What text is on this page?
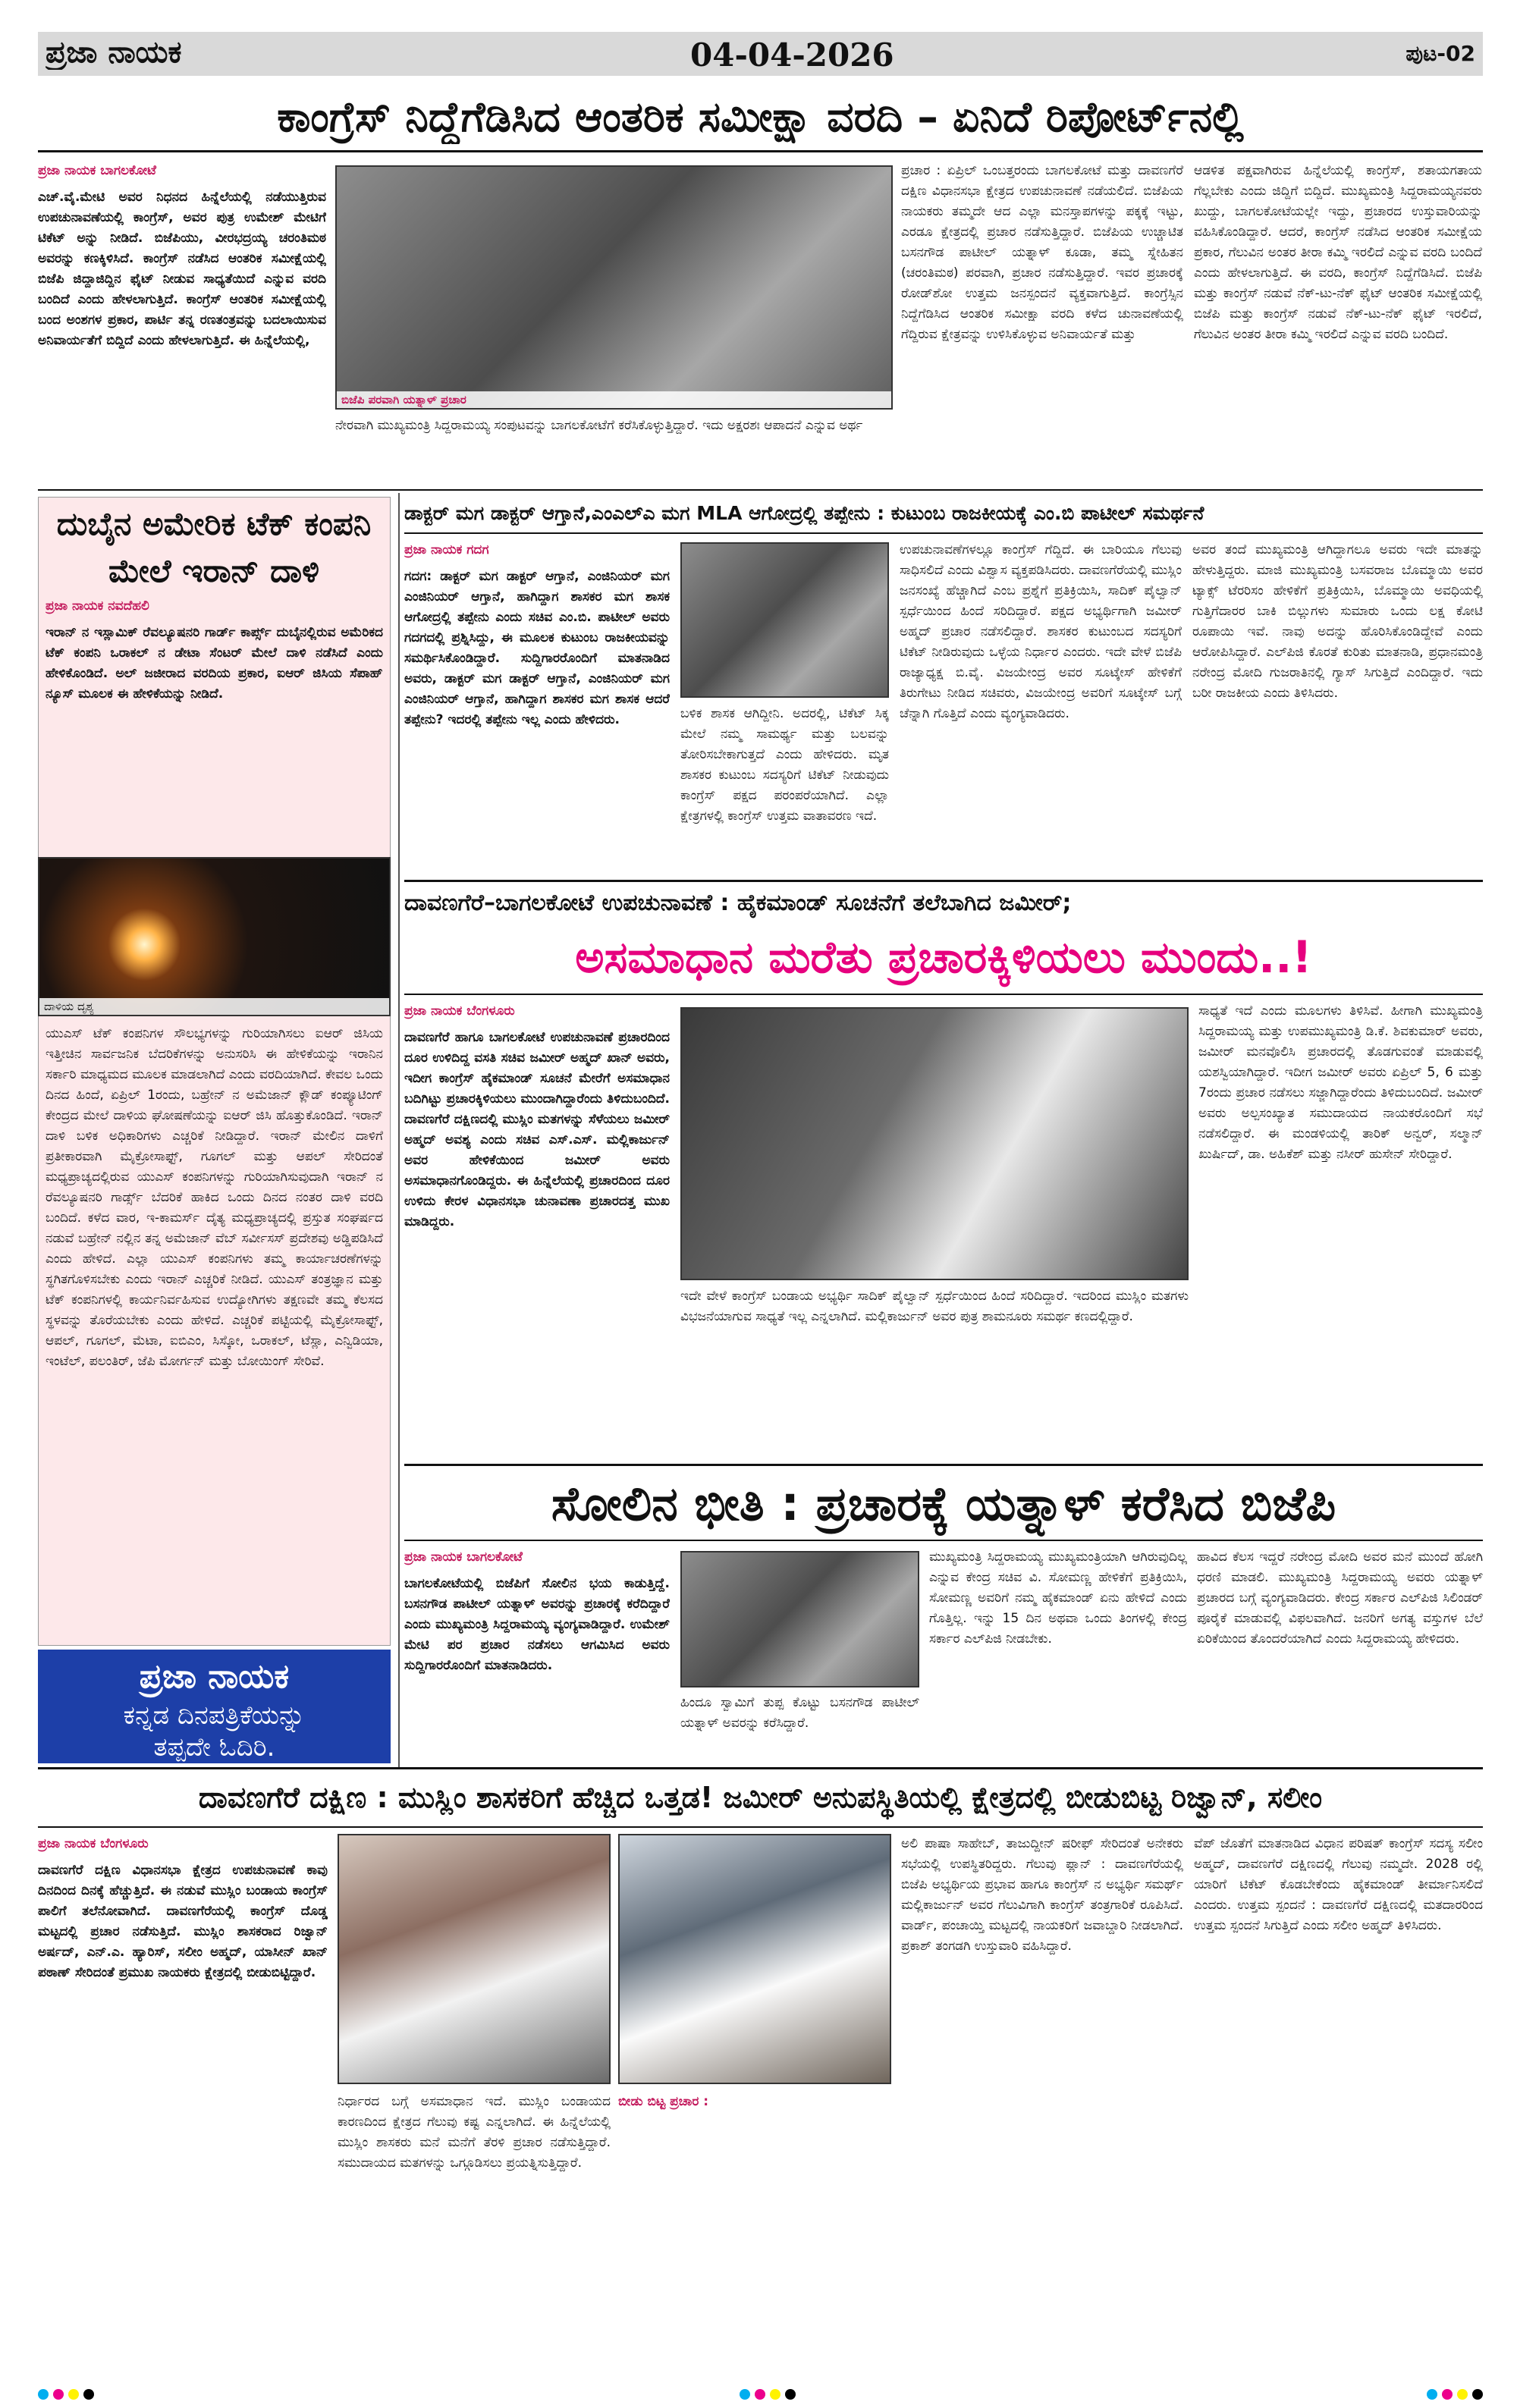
ಪ್ರಜಾ ನಾಯಕ	04-04-2026	ಪುಟ-02
ಕಾಂಗ್ರೆಸ್ ನಿದ್ದೆಗೆಡಿಸಿದ ಆಂತರಿಕ ಸಮೀಕ್ಷಾ ವರದಿ – ಏನಿದೆ ರಿಪೋರ್ಟ್‌ನಲ್ಲಿ
ಪ್ರಜಾ ನಾಯಕ ಬಾಗಲಕೋಟೆ
ಎಚ್.ವೈ.ಮೇಟಿ ಅವರ ನಿಧನದ ಹಿನ್ನೆಲೆಯಲ್ಲಿ ನಡೆಯುತ್ತಿರುವ ಉಪಚುನಾವಣೆಯಲ್ಲಿ ಕಾಂಗ್ರೆಸ್, ಅವರ ಪುತ್ರ ಉಮೇಶ್ ಮೇಟಿಗೆ ಟಿಕೆಟ್ ಅನ್ನು ನೀಡಿದೆ. ಬಿಜೆಪಿಯು, ವೀರಭದ್ರಯ್ಯ ಚರಂತಿಮಠ ಅವರನ್ನು ಕಣಕ್ಕಿಳಿಸಿದೆ. ಕಾಂಗ್ರೆಸ್ ನಡೆಸಿದ ಆಂತರಿಕ ಸಮೀಕ್ಷೆಯಲ್ಲಿ ಬಿಜೆಪಿ ಜಿದ್ದಾಜಿದ್ದಿನ ಫೈಟ್ ನೀಡುವ ಸಾಧ್ಯತೆಯಿದೆ ಎನ್ನುವ ವರದಿ ಬಂದಿದೆ ಎಂದು ಹೇಳಲಾಗುತ್ತಿದೆ. ಕಾಂಗ್ರೆಸ್ ಆಂತರಿಕ ಸಮೀಕ್ಷೆಯಲ್ಲಿ ಬಂದ ಅಂಶಗಳ ಪ್ರಕಾರ, ಪಾರ್ಟಿ ತನ್ನ ರಣತಂತ್ರವನ್ನು ಬದಲಾಯಿಸುವ ಅನಿವಾರ್ಯತೆಗೆ ಬಿದ್ದಿದೆ ಎಂದು ಹೇಳಲಾಗುತ್ತಿದೆ. ಈ ಹಿನ್ನೆಲೆಯಲ್ಲಿ,
ಬಿಜೆಪಿ ಪರವಾಗಿ ಯತ್ನಾಳ್ ಪ್ರಚಾರ
ನೇರವಾಗಿ ಮುಖ್ಯಮಂತ್ರಿ ಸಿದ್ದರಾಮಯ್ಯ ಸಂಪುಟವನ್ನು ಬಾಗಲಕೋಟೆಗೆ ಕರೆಸಿಕೊಳ್ಳುತ್ತಿದ್ದಾರೆ. ಇದು ಅಕ್ಷರಶಃ ಆಪಾದನೆ ಎನ್ನುವ ಅರ್ಥ
ಪ್ರಚಾರ : ಏಪ್ರಿಲ್ ಒಂಬತ್ತರಂದು ಬಾಗಲಕೋಟೆ ಮತ್ತು ದಾವಣಗೆರೆ ದಕ್ಷಿಣ ವಿಧಾನಸಭಾ ಕ್ಷೇತ್ರದ ಉಪಚುನಾವಣೆ ನಡೆಯಲಿದೆ. ಬಿಜೆಪಿಯ ನಾಯಕರು ತಮ್ಮದೇ ಆದ ಎಲ್ಲಾ ಮನಸ್ತಾಪಗಳನ್ನು ಪಕ್ಕಕ್ಕೆ ಇಟ್ಟು, ಎರಡೂ ಕ್ಷೇತ್ರದಲ್ಲಿ ಪ್ರಚಾರ ನಡೆಸುತ್ತಿದ್ದಾರೆ. ಬಿಜೆಪಿಯ ಉಚ್ಚಾಟಿತ ಬಸನಗೌಡ ಪಾಟೀಲ್ ಯತ್ನಾಳ್ ಕೂಡಾ, ತಮ್ಮ ಸ್ನೇಹಿತನ (ಚರಂತಿಮಠ) ಪರವಾಗಿ, ಪ್ರಚಾರ ನಡೆಸುತ್ತಿದ್ದಾರೆ. ಇವರ ಪ್ರಚಾರಕ್ಕೆ ರೋಡ್‌ಶೋ ಉತ್ತಮ ಜನಸ್ಪಂದನೆ ವ್ಯಕ್ತವಾಗುತ್ತಿದೆ. ಕಾಂಗ್ರೆಸ್ಸಿನ ನಿದ್ದೆಗೆಡಿಸಿದ ಆಂತರಿಕ ಸಮೀಕ್ಷಾ ವರದಿ ಕಳೆದ ಚುನಾವಣೆಯಲ್ಲಿ ಗೆದ್ದಿರುವ ಕ್ಷೇತ್ರವನ್ನು ಉಳಿಸಿಕೊಳ್ಳುವ ಅನಿವಾರ್ಯತೆ ಮತ್ತು
ಆಡಳಿತ ಪಕ್ಷವಾಗಿರುವ ಹಿನ್ನೆಲೆಯಲ್ಲಿ ಕಾಂಗ್ರೆಸ್, ಶತಾಯಗತಾಯ ಗೆಲ್ಲಬೇಕು ಎಂದು ಜಿದ್ದಿಗೆ ಬಿದ್ದಿದೆ. ಮುಖ್ಯಮಂತ್ರಿ ಸಿದ್ದರಾಮಯ್ಯನವರು ಖುದ್ದು, ಬಾಗಲಕೋಟೆಯಲ್ಲೇ ಇದ್ದು, ಪ್ರಚಾರದ ಉಸ್ತುವಾರಿಯನ್ನು ವಹಿಸಿಕೊಂಡಿದ್ದಾರೆ. ಆದರೆ, ಕಾಂಗ್ರೆಸ್ ನಡೆಸಿದ ಆಂತರಿಕ ಸಮೀಕ್ಷೆಯ ಪ್ರಕಾರ, ಗೆಲುವಿನ ಅಂತರ ತೀರಾ ಕಮ್ಮಿ ಇರಲಿದೆ ಎನ್ನುವ ವರದಿ ಬಂದಿದೆ ಎಂದು ಹೇಳಲಾಗುತ್ತಿದೆ. ಈ ವರದಿ, ಕಾಂಗ್ರೆಸ್ ನಿದ್ದೆಗೆಡಿಸಿದೆ. ಬಿಜೆಪಿ ಮತ್ತು ಕಾಂಗ್ರೆಸ್ ನಡುವೆ ನೆಕ್-ಟು-ನೆಕ್ ಫೈಟ್ ಆಂತರಿಕ ಸಮೀಕ್ಷೆಯಲ್ಲಿ ಬಿಜೆಪಿ ಮತ್ತು ಕಾಂಗ್ರೆಸ್ ನಡುವೆ ನೆಕ್-ಟು-ನೆಕ್ ಫೈಟ್ ಇರಲಿದೆ, ಗೆಲುವಿನ ಅಂತರ ತೀರಾ ಕಮ್ಮಿ ಇರಲಿದೆ ಎನ್ನುವ ವರದಿ ಬಂದಿದೆ.
ದುಬೈನ ಅಮೇರಿಕ ಟೆಕ್ ಕಂಪನಿ ಮೇಲೆ ಇರಾನ್ ದಾಳಿ
ಪ್ರಜಾ ನಾಯಕ ನವದೆಹಲಿ
ಇರಾನ್ ನ ಇಸ್ಲಾಮಿಕ್ ರೆವಲ್ಯೂಷನರಿ ಗಾರ್ಡ್ ಕಾರ್ಪ್ಸ್ ದುಬೈನಲ್ಲಿರುವ ಅಮೆರಿಕದ ಟೆಕ್ ಕಂಪನಿ ಒರಾಕಲ್ ನ ಡೇಟಾ ಸೆಂಟರ್ ಮೇಲೆ ದಾಳಿ ನಡೆಸಿದೆ ಎಂದು ಹೇಳಿಕೊಂಡಿದೆ. ಅಲ್ ಜಜೀರಾದ ವರದಿಯ ಪ್ರಕಾರ, ಐಆರ್ ಜಿಸಿಯ ಸೆಪಾಹ್ ನ್ಯೂಸ್ ಮೂಲಕ ಈ ಹೇಳಿಕೆಯನ್ನು ನೀಡಿದೆ.
ದಾಳಿಯ ದೃಶ್ಯ
ಯುಎಸ್ ಟೆಕ್ ಕಂಪನಿಗಳ ಸೌಲಭ್ಯಗಳನ್ನು ಗುರಿಯಾಗಿಸಲು ಐಆರ್ ಜಿಸಿಯ ಇತ್ತೀಚಿನ ಸಾರ್ವಜನಿಕ ಬೆದರಿಕೆಗಳನ್ನು ಅನುಸರಿಸಿ ಈ ಹೇಳಿಕೆಯನ್ನು ಇರಾನಿನ ಸರ್ಕಾರಿ ಮಾಧ್ಯಮದ ಮೂಲಕ ಮಾಡಲಾಗಿದೆ ಎಂದು ವರದಿಯಾಗಿದೆ. ಕೇವಲ ಒಂದು ದಿನದ ಹಿಂದೆ, ಏಪ್ರಿಲ್ 1ರಂದು, ಬಹ್ರೇನ್ ನ ಅಮೆಜಾನ್ ಕ್ಲೌಡ್ ಕಂಪ್ಯೂಟಿಂಗ್ ಕೇಂದ್ರದ ಮೇಲೆ ದಾಳಿಯ ಘೋಷಣೆಯನ್ನು ಐಆರ್ ಜಿಸಿ ಹೊತ್ತುಕೊಂಡಿದೆ. ಇರಾನ್ ದಾಳಿ ಬಳಿಕ ಅಧಿಕಾರಿಗಳು ಎಚ್ಚರಿಕೆ ನೀಡಿದ್ದಾರೆ. ಇರಾನ್ ಮೇಲಿನ ದಾಳಿಗೆ ಪ್ರತೀಕಾರವಾಗಿ ಮೈಕ್ರೋಸಾಫ್ಟ್, ಗೂಗಲ್ ಮತ್ತು ಆಪಲ್ ಸೇರಿದಂತೆ ಮಧ್ಯಪ್ರಾಚ್ಯದಲ್ಲಿರುವ ಯುಎಸ್ ಕಂಪನಿಗಳನ್ನು ಗುರಿಯಾಗಿಸುವುದಾಗಿ ಇರಾನ್ ನ ರೆವಲ್ಯೂಷನರಿ ಗಾರ್ಡ್ಸ್ ಬೆದರಿಕೆ ಹಾಕಿದ ಒಂದು ದಿನದ ನಂತರ ದಾಳಿ ವರದಿ ಬಂದಿದೆ. ಕಳೆದ ವಾರ, ಇ-ಕಾಮರ್ಸ್ ದೈತ್ಯ ಮಧ್ಯಪ್ರಾಚ್ಯದಲ್ಲಿ ಪ್ರಸ್ತುತ ಸಂಘರ್ಷದ ನಡುವೆ ಬಹ್ರೇನ್ ನಲ್ಲಿನ ತನ್ನ ಅಮೆಜಾನ್ ವೆಬ್ ಸರ್ವೀಸಸ್ ಪ್ರದೇಶವು ಅಡ್ಡಿಪಡಿಸಿದೆ ಎಂದು ಹೇಳಿದೆ. ಎಲ್ಲಾ ಯುಎಸ್ ಕಂಪನಿಗಳು ತಮ್ಮ ಕಾರ್ಯಾಚರಣೆಗಳನ್ನು ಸ್ಥಗಿತಗೊಳಿಸಬೇಕು ಎಂದು ಇರಾನ್ ಎಚ್ಚರಿಕೆ ನೀಡಿದೆ. ಯುಎಸ್ ತಂತ್ರಜ್ಞಾನ ಮತ್ತು ಟೆಕ್ ಕಂಪನಿಗಳಲ್ಲಿ ಕಾರ್ಯನಿರ್ವಹಿಸುವ ಉದ್ಯೋಗಿಗಳು ತಕ್ಷಣವೇ ತಮ್ಮ ಕೆಲಸದ ಸ್ಥಳವನ್ನು ತೊರೆಯಬೇಕು ಎಂದು ಹೇಳಿದೆ. ಎಚ್ಚರಿಕೆ ಪಟ್ಟಿಯಲ್ಲಿ ಮೈಕ್ರೋಸಾಫ್ಟ್, ಆಪಲ್, ಗೂಗಲ್, ಮೆಟಾ, ಐಬಿಎಂ, ಸಿಸ್ಕೋ, ಒರಾಕಲ್, ಟೆಸ್ಲಾ, ಎನ್ವಿಡಿಯಾ, ಇಂಟೆಲ್, ಪಲಂತಿರ್, ಜೆಪಿ ಮೋರ್ಗನ್ ಮತ್ತು ಬೋಯಿಂಗ್ ಸೇರಿವೆ.
ಪ್ರಜಾ ನಾಯಕ
ಕನ್ನಡ ದಿನಪತ್ರಿಕೆಯನ್ನು
ತಪ್ಪದೇ ಓದಿರಿ.
ಡಾಕ್ಟರ್ ಮಗ ಡಾಕ್ಟರ್ ಆಗ್ತಾನೆ,ಎಂಎಲ್ಎ ಮಗ MLA ಆಗೋದ್ರಲ್ಲಿ ತಪ್ಪೇನು : ಕುಟುಂಬ ರಾಜಕೀಯಕ್ಕೆ ಎಂ.ಬಿ ಪಾಟೀಲ್ ಸಮರ್ಥನೆ
ಪ್ರಜಾ ನಾಯಕ ಗದಗ
ಗದಗ: ಡಾಕ್ಟರ್ ಮಗ ಡಾಕ್ಟರ್ ಆಗ್ತಾನೆ, ಎಂಜಿನಿಯರ್ ಮಗ ಎಂಜಿನಿಯರ್ ಆಗ್ತಾನೆ, ಹಾಗಿದ್ದಾಗ ಶಾಸಕರ ಮಗ ಶಾಸಕ ಆಗೋದ್ರಲ್ಲಿ ತಪ್ಪೇನು ಎಂದು ಸಚಿವ ಎಂ.ಬಿ. ಪಾಟೀಲ್ ಅವರು ಗದಗದಲ್ಲಿ ಪ್ರಶ್ನಿಸಿದ್ದು, ಈ ಮೂಲಕ ಕುಟುಂಬ ರಾಜಕೀಯವನ್ನು ಸಮರ್ಥಿಸಿಕೊಂಡಿದ್ದಾರೆ. ಸುದ್ದಿಗಾರರೊಂದಿಗೆ ಮಾತನಾಡಿದ ಅವರು, ಡಾಕ್ಟರ್ ಮಗ ಡಾಕ್ಟರ್ ಆಗ್ತಾನೆ, ಎಂಜಿನಿಯರ್ ಮಗ ಎಂಜಿನಿಯರ್ ಆಗ್ತಾನೆ, ಹಾಗಿದ್ದಾಗ ಶಾಸಕರ ಮಗ ಶಾಸಕ ಆದರೆ ತಪ್ಪೇನು? ಇದರಲ್ಲಿ ತಪ್ಪೇನು ಇಲ್ಲ ಎಂದು ಹೇಳಿದರು.	ಬಳಿಕ ಶಾಸಕ ಆಗಿದ್ದೀನಿ. ಅದರಲ್ಲಿ, ಟಿಕೆಟ್ ಸಿಕ್ಕ ಮೇಲೆ ನಮ್ಮ ಸಾಮರ್ಥ್ಯ ಮತ್ತು ಬಲವನ್ನು ತೋರಿಸಬೇಕಾಗುತ್ತದೆ ಎಂದು ಹೇಳಿದರು. ಮೃತ ಶಾಸಕರ ಕುಟುಂಬ ಸದಸ್ಯರಿಗೆ ಟಿಕೆಟ್ ನೀಡುವುದು ಕಾಂಗ್ರೆಸ್ ಪಕ್ಷದ ಪರಂಪರೆಯಾಗಿದೆ. ಎಲ್ಲಾ ಕ್ಷೇತ್ರಗಳಲ್ಲಿ ಕಾಂಗ್ರೆಸ್ ಉತ್ತಮ ವಾತಾವರಣ ಇದೆ.
ಉಪಚುನಾವಣೆಗಳಲ್ಲೂ ಕಾಂಗ್ರೆಸ್ ಗೆದ್ದಿದೆ. ಈ ಬಾರಿಯೂ ಗೆಲುವು ಸಾಧಿಸಲಿದೆ ಎಂದು ವಿಶ್ವಾಸ ವ್ಯಕ್ತಪಡಿಸಿದರು. ದಾವಣಗೆರೆಯಲ್ಲಿ ಮುಸ್ಲಿಂ ಜನಸಂಖ್ಯೆ ಹೆಚ್ಚಾಗಿದೆ ಎಂಬ ಪ್ರಶ್ನೆಗೆ ಪ್ರತಿಕ್ರಿಯಿಸಿ, ಸಾದಿಕ್ ಪೈಲ್ವಾನ್ ಸ್ಪರ್ಧೆಯಿಂದ ಹಿಂದೆ ಸರಿದಿದ್ದಾರೆ. ಪಕ್ಷದ ಅಭ್ಯರ್ಥಿಗಾಗಿ ಜಮೀರ್ ಅಹ್ಮದ್ ಪ್ರಚಾರ ನಡೆಸಲಿದ್ದಾರೆ. ಶಾಸಕರ ಕುಟುಂಬದ ಸದಸ್ಯರಿಗೆ ಟಿಕೆಟ್ ನೀಡಿರುವುದು ಒಳ್ಳೆಯ ನಿರ್ಧಾರ ಎಂದರು. ಇದೇ ವೇಳೆ ಬಿಜೆಪಿ ರಾಜ್ಯಾಧ್ಯಕ್ಷ ಬಿ.ವೈ. ವಿಜಯೇಂದ್ರ ಅವರ ಸೂಟ್ಕೇಸ್ ಹೇಳಿಕೆಗೆ ತಿರುಗೇಟು ನೀಡಿದ ಸಚಿವರು, ವಿಜಯೇಂದ್ರ ಅವರಿಗೆ ಸೂಟ್ಕೇಸ್ ಬಗ್ಗೆ ಚೆನ್ನಾಗಿ ಗೊತ್ತಿದೆ ಎಂದು ವ್ಯಂಗ್ಯವಾಡಿದರು.
ಅವರ ತಂದೆ ಮುಖ್ಯಮಂತ್ರಿ ಆಗಿದ್ದಾಗಲೂ ಅವರು ಇದೇ ಮಾತನ್ನು ಹೇಳುತ್ತಿದ್ದರು. ಮಾಜಿ ಮುಖ್ಯಮಂತ್ರಿ ಬಸವರಾಜ ಬೊಮ್ಮಾಯಿ ಅವರ ಟ್ಯಾಕ್ಸ್ ಟೆರರಿಸಂ ಹೇಳಿಕೆಗೆ ಪ್ರತಿಕ್ರಿಯಿಸಿ, ಬೊಮ್ಮಾಯಿ ಅವಧಿಯಲ್ಲಿ ಗುತ್ತಿಗೆದಾರರ ಬಾಕಿ ಬಿಲ್ಲುಗಳು ಸುಮಾರು ಒಂದು ಲಕ್ಷ ಕೋಟಿ ರೂಪಾಯಿ ಇವೆ. ನಾವು ಅದನ್ನು ಹೊರಿಸಿಕೊಂಡಿದ್ದೇವೆ ಎಂದು ಆರೋಪಿಸಿದ್ದಾರೆ. ಎಲ್‌ಪಿಜಿ ಕೊರತೆ ಕುರಿತು ಮಾತನಾಡಿ, ಪ್ರಧಾನಮಂತ್ರಿ ನರೇಂದ್ರ ಮೋದಿ ಗುಜರಾತಿನಲ್ಲಿ ಗ್ಯಾಸ್ ಸಿಗುತ್ತಿದೆ ಎಂದಿದ್ದಾರೆ. ಇದು ಬರೀ ರಾಜಕೀಯ ಎಂದು ತಿಳಿಸಿದರು.
ದಾವಣಗೆರೆ–ಬಾಗಲಕೋಟೆ ಉಪಚುನಾವಣೆ : ಹೈಕಮಾಂಡ್ ಸೂಚನೆಗೆ ತಲೆಬಾಗಿದ ಜಮೀರ್;
ಅಸಮಾಧಾನ ಮರೆತು ಪ್ರಚಾರಕ್ಕಿಳಿಯಲು ಮುಂದು..!
ಪ್ರಜಾ ನಾಯಕ ಬೆಂಗಳೂರು
ದಾವಣಗೆರೆ ಹಾಗೂ ಬಾಗಲಕೋಟೆ ಉಪಚುನಾವಣೆ ಪ್ರಚಾರದಿಂದ ದೂರ ಉಳಿದಿದ್ದ ವಸತಿ ಸಚಿವ ಜಮೀರ್ ಅಹ್ಮದ್ ಖಾನ್ ಅವರು, ಇದೀಗ ಕಾಂಗ್ರೆಸ್ ಹೈಕಮಾಂಡ್ ಸೂಚನೆ ಮೇರೆಗೆ ಅಸಮಾಧಾನ ಬದಿಗಿಟ್ಟು ಪ್ರಚಾರಕ್ಕಿಳಿಯಲು ಮುಂದಾಗಿದ್ದಾರೆಂದು ತಿಳಿದುಬಂದಿದೆ. ದಾವಣಗೆರೆ ದಕ್ಷಿಣದಲ್ಲಿ ಮುಸ್ಲಿಂ ಮತಗಳನ್ನು ಸೆಳೆಯಲು ಜಮೀರ್ ಅಹ್ಮದ್ ಅವಶ್ಯ ಎಂದು ಸಚಿವ ಎಸ್.ಎಸ್. ಮಲ್ಲಿಕಾರ್ಜುನ್ ಅವರ ಹೇಳಿಕೆಯಿಂದ ಜಮೀರ್ ಅವರು ಅಸಮಾಧಾನಗೊಂಡಿದ್ದರು. ಈ ಹಿನ್ನೆಲೆಯಲ್ಲಿ ಪ್ರಚಾರದಿಂದ ದೂರ ಉಳಿದು ಕೇರಳ ವಿಧಾನಸಭಾ ಚುನಾವಣಾ ಪ್ರಚಾರದತ್ತ ಮುಖ ಮಾಡಿದ್ದರು.
ಇದೇ ವೇಳೆ ಕಾಂಗ್ರೆಸ್ ಬಂಡಾಯ ಅಭ್ಯರ್ಥಿ ಸಾದಿಕ್ ಪೈಲ್ವಾನ್ ಸ್ಪರ್ಧೆಯಿಂದ ಹಿಂದೆ ಸರಿದಿದ್ದಾರೆ. ಇದರಿಂದ ಮುಸ್ಲಿಂ ಮತಗಳು ವಿಭಜನೆಯಾಗುವ ಸಾಧ್ಯತೆ ಇಲ್ಲ ಎನ್ನಲಾಗಿದೆ. ಮಲ್ಲಿಕಾರ್ಜುನ್ ಅವರ ಪುತ್ರ ಶಾಮನೂರು ಸಮರ್ಥ ಕಣದಲ್ಲಿದ್ದಾರೆ.
ಸಾಧ್ಯತೆ ಇದೆ ಎಂದು ಮೂಲಗಳು ತಿಳಿಸಿವೆ. ಹೀಗಾಗಿ ಮುಖ್ಯಮಂತ್ರಿ ಸಿದ್ದರಾಮಯ್ಯ ಮತ್ತು ಉಪಮುಖ್ಯಮಂತ್ರಿ ಡಿ.ಕೆ. ಶಿವಕುಮಾರ್ ಅವರು, ಜಮೀರ್ ಮನವೊಲಿಸಿ ಪ್ರಚಾರದಲ್ಲಿ ತೊಡಗುವಂತೆ ಮಾಡುವಲ್ಲಿ ಯಶಸ್ವಿಯಾಗಿದ್ದಾರೆ. ಇದೀಗ ಜಮೀರ್ ಅವರು ಏಪ್ರಿಲ್ 5, 6 ಮತ್ತು 7ರಂದು ಪ್ರಚಾರ ನಡೆಸಲು ಸಜ್ಜಾಗಿದ್ದಾರೆಂದು ತಿಳಿದುಬಂದಿದೆ. ಜಮೀರ್ ಅವರು ಅಲ್ಪಸಂಖ್ಯಾತ ಸಮುದಾಯದ ನಾಯಕರೊಂದಿಗೆ ಸಭೆ ನಡೆಸಲಿದ್ದಾರೆ. ಈ ಮಂಡಳಿಯಲ್ಲಿ ತಾರಿಕ್ ಅನ್ವರ್, ಸಲ್ಮಾನ್ ಖುರ್ಷಿದ್, ಡಾ. ಅಹಿಕೆಶ್ ಮತ್ತು ನಸೀರ್ ಹುಸೇನ್ ಸೇರಿದ್ದಾರೆ.
ಸೋಲಿನ ಭೀತಿ : ಪ್ರಚಾರಕ್ಕೆ ಯತ್ನಾಳ್ ಕರೆಸಿದ ಬಿಜೆಪಿ
ಪ್ರಜಾ ನಾಯಕ ಬಾಗಲಕೋಟೆ
ಬಾಗಲಕೋಟೆಯಲ್ಲಿ ಬಿಜೆಪಿಗೆ ಸೋಲಿನ ಭಯ ಕಾಡುತ್ತಿದ್ದೆ. ಬಸನಗೌಡ ಪಾಟೀಲ್ ಯತ್ನಾಳ್ ಅವರನ್ನು ಪ್ರಚಾರಕ್ಕೆ ಕರೆದಿದ್ದಾರೆ ಎಂದು ಮುಖ್ಯಮಂತ್ರಿ ಸಿದ್ದರಾಮಯ್ಯ ವ್ಯಂಗ್ಯವಾಡಿದ್ದಾರೆ. ಉಮೇಶ್ ಮೇಟಿ ಪರ ಪ್ರಚಾರ ನಡೆಸಲು ಆಗಮಿಸಿದ ಅವರು ಸುದ್ದಿಗಾರರೊಂದಿಗೆ ಮಾತನಾಡಿದರು.
ಹಿಂದೂ ಸ್ವಾಮಿಗೆ ತುಪ್ಪ ಕೊಟ್ಟು ಬಸನಗೌಡ ಪಾಟೀಲ್ ಯತ್ನಾಳ್ ಅವರನ್ನು ಕರೆಸಿದ್ದಾರೆ.
ಮುಖ್ಯಮಂತ್ರಿ ಸಿದ್ದರಾಮಯ್ಯ ಮುಖ್ಯಮಂತ್ರಿಯಾಗಿ ಆಗಿರುವುದಿಲ್ಲ ಎನ್ನುವ ಕೇಂದ್ರ ಸಚಿವ ವಿ. ಸೋಮಣ್ಣ ಹೇಳಿಕೆಗೆ ಪ್ರತಿಕ್ರಿಯಿಸಿ, ಸೋಮಣ್ಣ ಅವರಿಗೆ ನಮ್ಮ ಹೈಕಮಾಂಡ್ ಏನು ಹೇಳಿದೆ ಎಂದು ಗೊತ್ತಿಲ್ಲ. ಇನ್ನು 15 ದಿನ ಅಥವಾ ಒಂದು ತಿಂಗಳಲ್ಲಿ ಕೇಂದ್ರ ಸರ್ಕಾರ ಎಲ್‌ಪಿಜಿ ನೀಡಬೇಕು.
ಹಾವಿದ ಕೆಲಸ ಇದ್ದರೆ ನರೇಂದ್ರ ಮೋದಿ ಅವರ ಮನೆ ಮುಂದೆ ಹೋಗಿ ಧರಣಿ ಮಾಡಲಿ. ಮುಖ್ಯಮಂತ್ರಿ ಸಿದ್ದರಾಮಯ್ಯ ಅವರು ಯತ್ನಾಳ್ ಪ್ರಚಾರದ ಬಗ್ಗೆ ವ್ಯಂಗ್ಯವಾಡಿದರು. ಕೇಂದ್ರ ಸರ್ಕಾರ ಎಲ್‌ಪಿಜಿ ಸಿಲಿಂಡರ್ ಪೂರೈಕೆ ಮಾಡುವಲ್ಲಿ ವಿಫಲವಾಗಿದೆ. ಜನರಿಗೆ ಅಗತ್ಯ ವಸ್ತುಗಳ ಬೆಲೆ ಏರಿಕೆಯಿಂದ ತೊಂದರೆಯಾಗಿದೆ ಎಂದು ಸಿದ್ದರಾಮಯ್ಯ ಹೇಳಿದರು.
ದಾವಣಗೆರೆ ದಕ್ಷಿಣ : ಮುಸ್ಲಿಂ ಶಾಸಕರಿಗೆ ಹೆಚ್ಚಿದ ಒತ್ತಡ! ಜಮೀರ್ ಅನುಪಸ್ಥಿತಿಯಲ್ಲಿ ಕ್ಷೇತ್ರದಲ್ಲಿ ಬೀಡುಬಿಟ್ಟ ರಿಜ್ವಾನ್, ಸಲೀಂ
ಪ್ರಜಾ ನಾಯಕ ಬೆಂಗಳೂರು
ದಾವಣಗೆರೆ ದಕ್ಷಿಣ ವಿಧಾನಸಭಾ ಕ್ಷೇತ್ರದ ಉಪಚುನಾವಣೆ ಕಾವು ದಿನದಿಂದ ದಿನಕ್ಕೆ ಹೆಚ್ಚುತ್ತಿದೆ. ಈ ನಡುವೆ ಮುಸ್ಲಿಂ ಬಂಡಾಯ ಕಾಂಗ್ರೆಸ್ ಪಾಲಿಗೆ ತಲೆನೋವಾಗಿದೆ. ದಾವಣಗೆರೆಯಲ್ಲಿ ಕಾಂಗ್ರೆಸ್ ದೊಡ್ಡ ಮಟ್ಟದಲ್ಲಿ ಪ್ರಚಾರ ನಡೆಸುತ್ತಿದೆ. ಮುಸ್ಲಿಂ ಶಾಸಕರಾದ ರಿಜ್ವಾನ್ ಅರ್ಷದ್, ಎನ್.ಎ. ಹ್ಯಾರಿಸ್, ಸಲೀಂ ಅಹ್ಮದ್, ಯಾಸೀನ್ ಖಾನ್ ಪಠಾಣ್ ಸೇರಿದಂತೆ ಪ್ರಮುಖ ನಾಯಕರು ಕ್ಷೇತ್ರದಲ್ಲಿ ಬೀಡುಬಿಟ್ಟಿದ್ದಾರೆ.
ನಿರ್ಧಾರದ ಬಗ್ಗೆ ಅಸಮಾಧಾನ ಇದೆ. ಮುಸ್ಲಿಂ ಬಂಡಾಯದ ಕಾರಣದಿಂದ ಕ್ಷೇತ್ರದ ಗೆಲುವು ಕಷ್ಟ ಎನ್ನಲಾಗಿದೆ. ಈ ಹಿನ್ನೆಲೆಯಲ್ಲಿ ಮುಸ್ಲಿಂ ಶಾಸಕರು ಮನೆ ಮನೆಗೆ ತೆರಳಿ ಪ್ರಚಾರ ನಡೆಸುತ್ತಿದ್ದಾರೆ. ಸಮುದಾಯದ ಮತಗಳನ್ನು ಒಗ್ಗೂಡಿಸಲು ಪ್ರಯತ್ನಿಸುತ್ತಿದ್ದಾರೆ.
ಬೀಡು ಬಿಟ್ಟ ಪ್ರಚಾರ :
ಅಲಿ ಪಾಷಾ ಸಾಹೇಬ್, ತಾಜುದ್ದೀನ್ ಷರೀಫ್ ಸೇರಿದಂತೆ ಅನೇಕರು ಸಭೆಯಲ್ಲಿ ಉಪಸ್ಥಿತರಿದ್ದರು. ಗೆಲುವು ಪ್ಲಾನ್ : ದಾವಣಗೆರೆಯಲ್ಲಿ ಬಿಜೆಪಿ ಅಭ್ಯರ್ಥಿಯ ಪ್ರಭಾವ ಹಾಗೂ ಕಾಂಗ್ರೆಸ್ ನ ಅಭ್ಯರ್ಥಿ ಸಮರ್ಥ್ ಮಲ್ಲಿಕಾರ್ಜುನ್ ಅವರ ಗೆಲುವಿಗಾಗಿ ಕಾಂಗ್ರೆಸ್ ತಂತ್ರಗಾರಿಕೆ ರೂಪಿಸಿದೆ. ವಾರ್ಡ್, ಪಂಚಾಯ್ತಿ ಮಟ್ಟದಲ್ಲಿ ನಾಯಕರಿಗೆ ಜವಾಬ್ದಾರಿ ನೀಡಲಾಗಿದೆ. ಪ್ರಕಾಶ್ ತಂಗಡಗಿ ಉಸ್ತುವಾರಿ ವಹಿಸಿದ್ದಾರೆ.
ವೆಪ್ ಜೊತೆಗೆ ಮಾತನಾಡಿದ ವಿಧಾನ ಪರಿಷತ್ ಕಾಂಗ್ರೆಸ್ ಸದಸ್ಯ ಸಲೀಂ ಅಹ್ಮದ್, ದಾವಣಗೆರೆ ದಕ್ಷಿಣದಲ್ಲಿ ಗೆಲುವು ನಮ್ಮದೇ. 2028 ರಲ್ಲಿ ಯಾರಿಗೆ ಟಿಕೆಟ್ ಕೊಡಬೇಕೆಂದು ಹೈಕಮಾಂಡ್ ತೀರ್ಮಾನಿಸಲಿದೆ ಎಂದರು. ಉತ್ತಮ ಸ್ಪಂದನೆ : ದಾವಣಗೆರೆ ದಕ್ಷಿಣದಲ್ಲಿ ಮತದಾರರಿಂದ ಉತ್ತಮ ಸ್ಪಂದನೆ ಸಿಗುತ್ತಿದೆ ಎಂದು ಸಲೀಂ ಅಹ್ಮದ್ ತಿಳಿಸಿದರು.
